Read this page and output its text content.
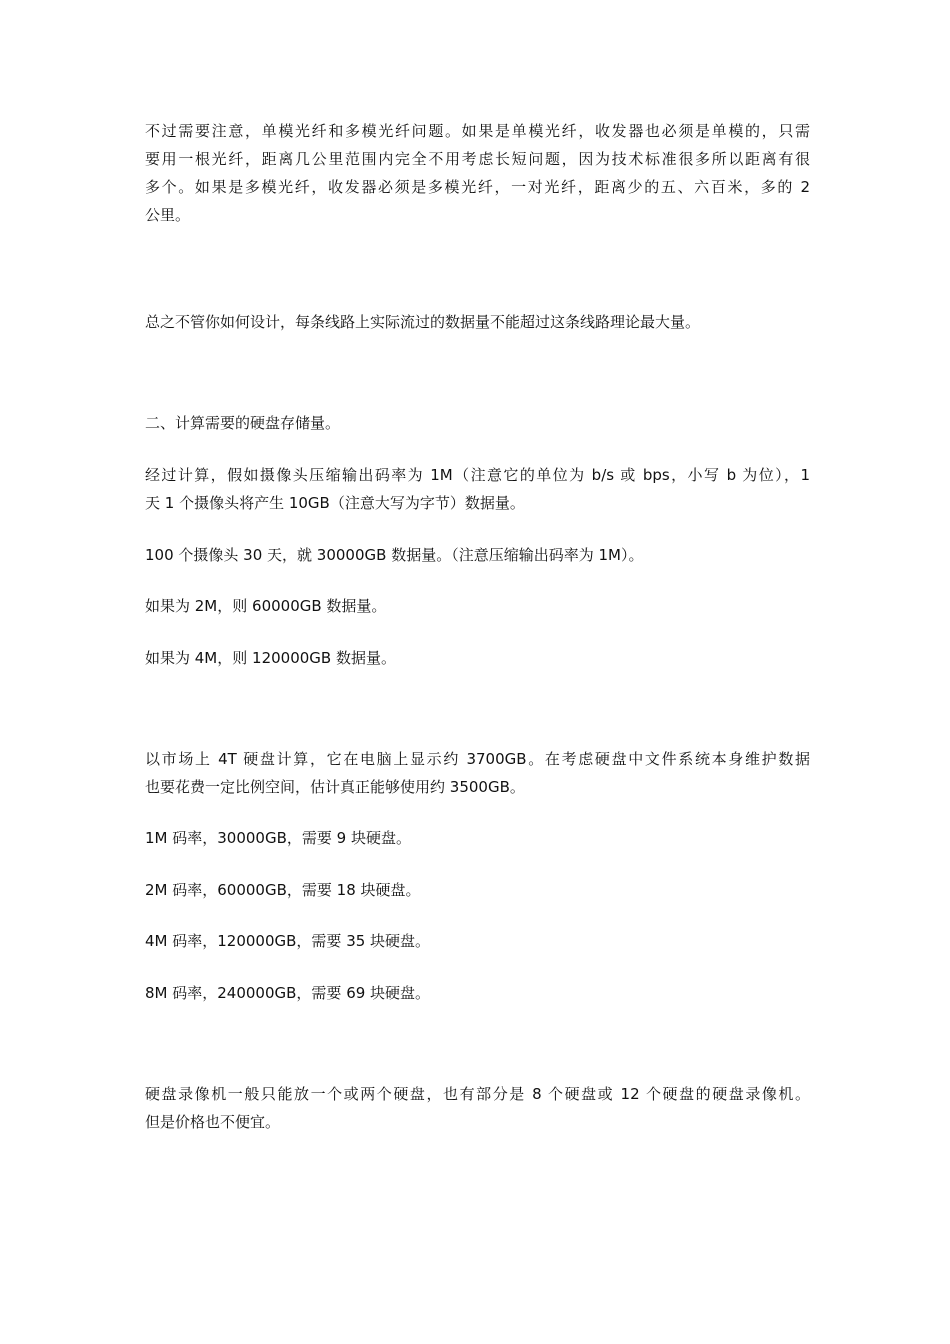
不过需要注意，单模光纤和多模光纤问题。如果是单模光纤，收发器也必须是单模的，只需
要用一根光纤，距离几公里范围内完全不用考虑长短问题，因为技术标准很多所以距离有很
多个。如果是多模光纤，收发器必须是多模光纤，一对光纤，距离少的五、六百米，多的 2
公里。
总之不管你如何设计，每条线路上实际流过的数据量不能超过这条线路理论最大量。
二、计算需要的硬盘存储量。
经过计算，假如摄像头压缩输出码率为 1M（注意它的单位为 b/s 或 bps，小写 b 为位），1
天 1 个摄像头将产生 10GB（注意大写为字节）数据量。
100 个摄像头 30 天，就 30000GB 数据量。（注意压缩输出码率为 1M）。
如果为 2M，则 60000GB 数据量。
如果为 4M，则 120000GB 数据量。
以市场上 4T 硬盘计算，它在电脑上显示约 3700GB。在考虑硬盘中文件系统本身维护数据
也要花费一定比例空间，估计真正能够使用约 3500GB。
1M 码率，30000GB，需要 9 块硬盘。
2M 码率，60000GB，需要 18 块硬盘。
4M 码率，120000GB，需要 35 块硬盘。
8M 码率，240000GB，需要 69 块硬盘。
硬盘录像机一般只能放一个或两个硬盘，也有部分是 8 个硬盘或 12 个硬盘的硬盘录像机。
但是价格也不便宜。
